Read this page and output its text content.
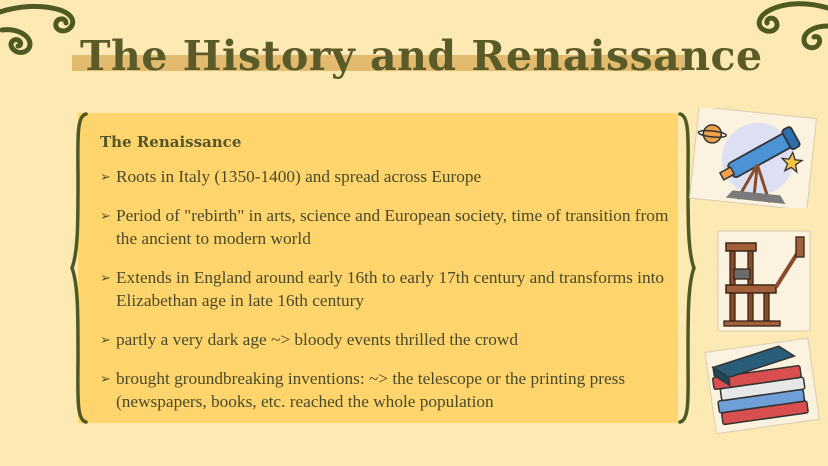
The History and Renaissance
The Renaissance
➢ Roots in Italy (1350-1400) and spread across Europe
➢ Period of "rebirth" in arts, science and European society, time of transition from the ancient to modern world
➢ Extends in England around early 16th to early 17th century and transforms into Elizabethan age in late 16th century
➢ partly a very dark age ~> bloody events thrilled the crowd
➢ brought groundbreaking inventions: ~> the telescope or the printing press (newspapers, books, etc. reached the whole population
